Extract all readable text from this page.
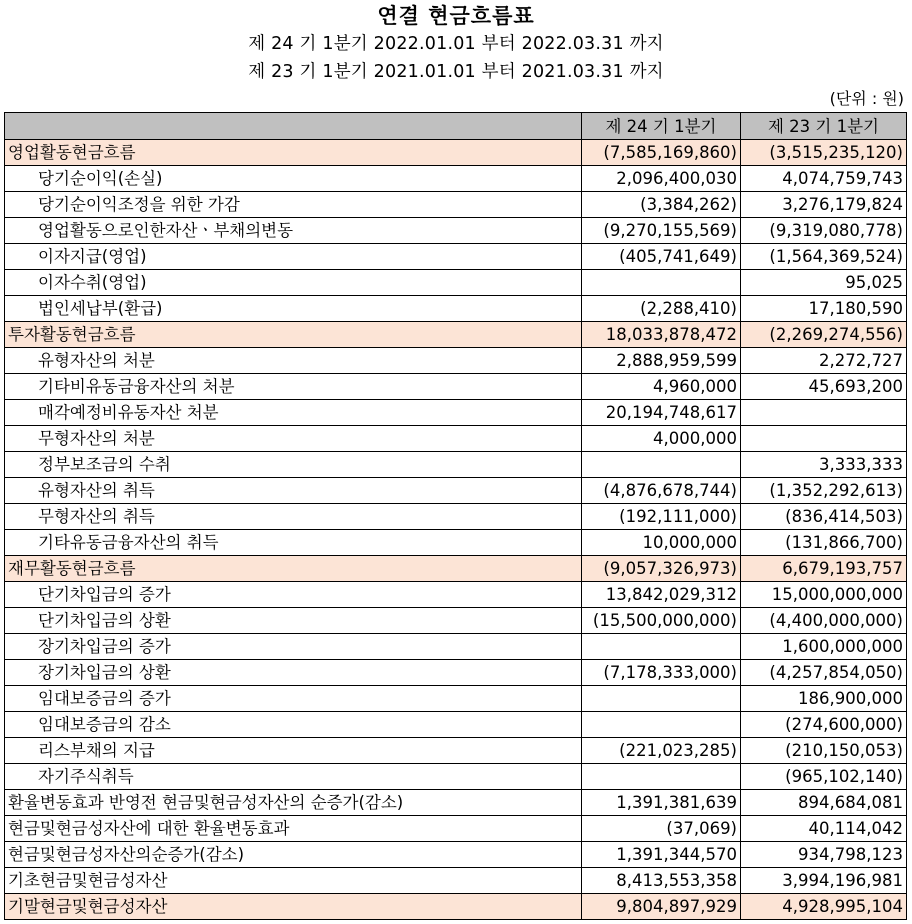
연결 현금흐름표
제 24 기 1분기 2022.01.01 부터 2022.03.31 까지
제 23 기 1분기 2021.01.01 부터 2021.03.31 까지
(단위 : 원)
	제 24 기 1분기	제 23 기 1분기
영업활동현금흐름	(7,585,169,860)	(3,515,235,120)
당기순이익(손실)	2,096,400,030	4,074,759,743
당기순이익조정을 위한 가감	(3,384,262)	3,276,179,824
영업활동으로인한자산ㆍ부채의변동	(9,270,155,569)	(9,319,080,778)
이자지급(영업)	(405,741,649)	(1,564,369,524)
이자수취(영업)		95,025
법인세납부(환급)	(2,288,410)	17,180,590
투자활동현금흐름	18,033,878,472	(2,269,274,556)
유형자산의 처분	2,888,959,599	2,272,727
기타비유동금융자산의 처분	4,960,000	45,693,200
매각예정비유동자산 처분	20,194,748,617	
무형자산의 처분	4,000,000	
정부보조금의 수취		3,333,333
유형자산의 취득	(4,876,678,744)	(1,352,292,613)
무형자산의 취득	(192,111,000)	(836,414,503)
기타유동금융자산의 취득	10,000,000	(131,866,700)
재무활동현금흐름	(9,057,326,973)	6,679,193,757
단기차입금의 증가	13,842,029,312	15,000,000,000
단기차입금의 상환	(15,500,000,000)	(4,400,000,000)
장기차입금의 증가		1,600,000,000
장기차입금의 상환	(7,178,333,000)	(4,257,854,050)
임대보증금의 증가		186,900,000
임대보증금의 감소		(274,600,000)
리스부채의 지급	(221,023,285)	(210,150,053)
자기주식취득		(965,102,140)
환율변동효과 반영전 현금및현금성자산의 순증가(감소)	1,391,381,639	894,684,081
현금및현금성자산에 대한 환율변동효과	(37,069)	40,114,042
현금및현금성자산의순증가(감소)	1,391,344,570	934,798,123
기초현금및현금성자산	8,413,553,358	3,994,196,981
기말현금및현금성자산	9,804,897,929	4,928,995,104
